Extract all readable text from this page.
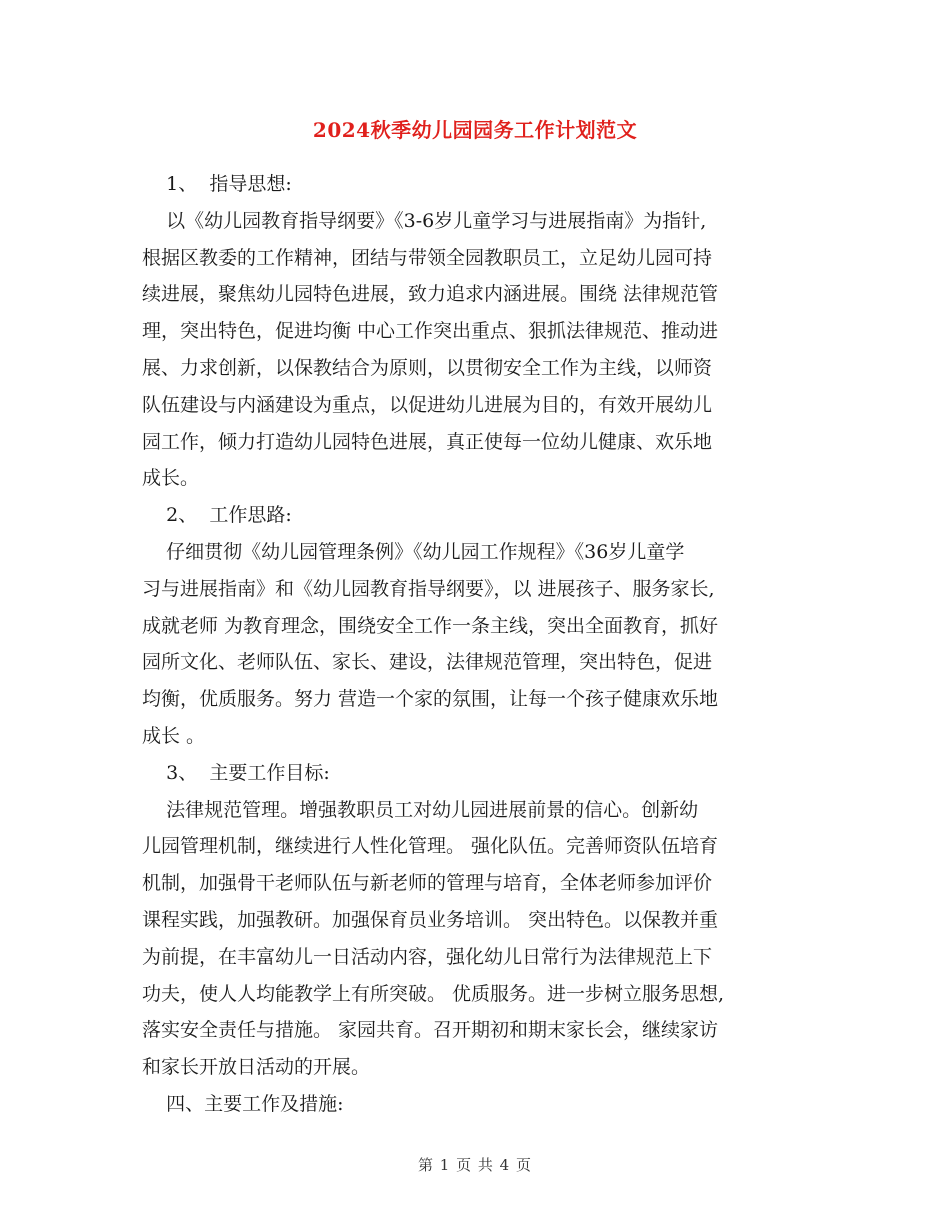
2024秋季幼儿园园务工作计划范文
1、  指导思想:
以《幼儿园教育指导纲要》《3-6岁儿童学习与进展指南》为指针,
根据区教委的工作精神，团结与带领全园教职员工，立足幼儿园可持
续进展，聚焦幼儿园特色进展，致力追求内涵进展。围绕 法律规范管
理，突出特色，促进均衡 中心工作突出重点、狠抓法律规范、推动进
展、力求创新，以保教结合为原则，以贯彻安全工作为主线，以师资
队伍建设与内涵建设为重点，以促进幼儿进展为目的，有效开展幼儿
园工作，倾力打造幼儿园特色进展，真正使每一位幼儿健康、欢乐地
成长。
2、  工作思路:
仔细贯彻《幼儿园管理条例》《幼儿园工作规程》《36岁儿童学
习与进展指南》和《幼儿园教育指导纲要》，以 进展孩子、服务家长,
成就老师 为教育理念，围绕安全工作一条主线，突出全面教育，抓好
园所文化、老师队伍、家长、建设，法律规范管理，突出特色，促进
均衡，优质服务。努力 营造一个家的氛围，让每一个孩子健康欢乐地
成长 。
3、  主要工作目标:
法律规范管理。增强教职员工对幼儿园进展前景的信心。创新幼
儿园管理机制，继续进行人性化管理。 强化队伍。完善师资队伍培育
机制，加强骨干老师队伍与新老师的管理与培育，全体老师参加评价
课程实践，加强教研。加强保育员业务培训。 突出特色。以保教并重
为前提，在丰富幼儿一日活动内容，强化幼儿日常行为法律规范上下
功夫，使人人均能教学上有所突破。 优质服务。进一步树立服务思想,
落实安全责任与措施。 家园共育。召开期初和期末家长会，继续家访
和家长开放日活动的开展。
四、主要工作及措施:
第 1 页 共 4 页
